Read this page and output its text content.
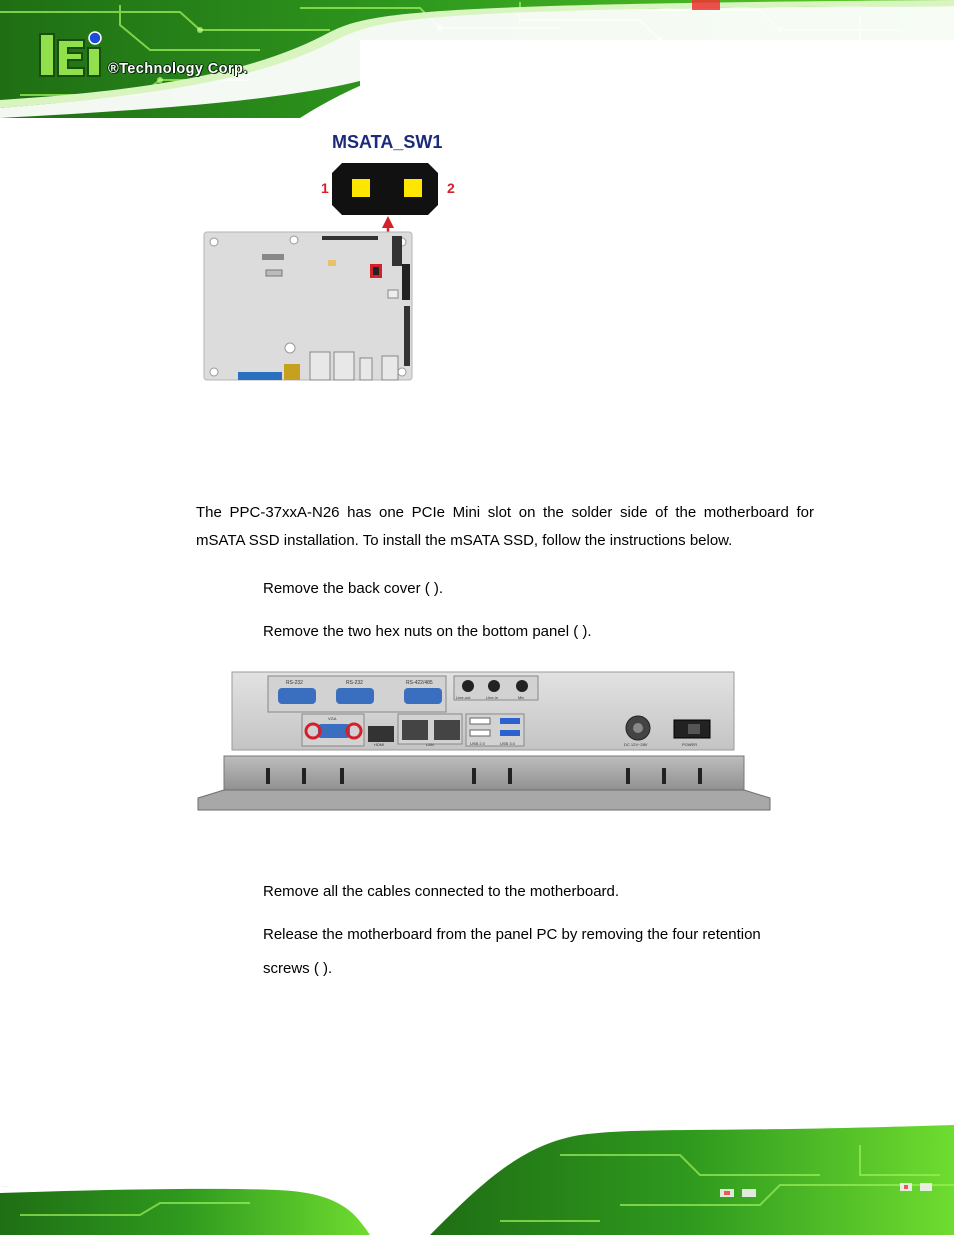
®Technology Corp.
MSATA_SW1
1	2

The PPC-37xxA-N26 has one PCIe Mini slot on the solder side of the motherboard for mSATA SSD installation. To install the mSATA SSD, follow the instructions below.

Remove the back cover ( ).

Remove the two hex nuts on the bottom panel ( ).

RS-232	RS-232	RS-422/485
Line-out	Line-in	Mic
VGA
HDMI	LAN	USB 2.0	USB 3.0	DC 12V~28V	POWER

Remove all the cables connected to the motherboard.

Release the motherboard from the panel PC by removing the four retention

screws ( ).
